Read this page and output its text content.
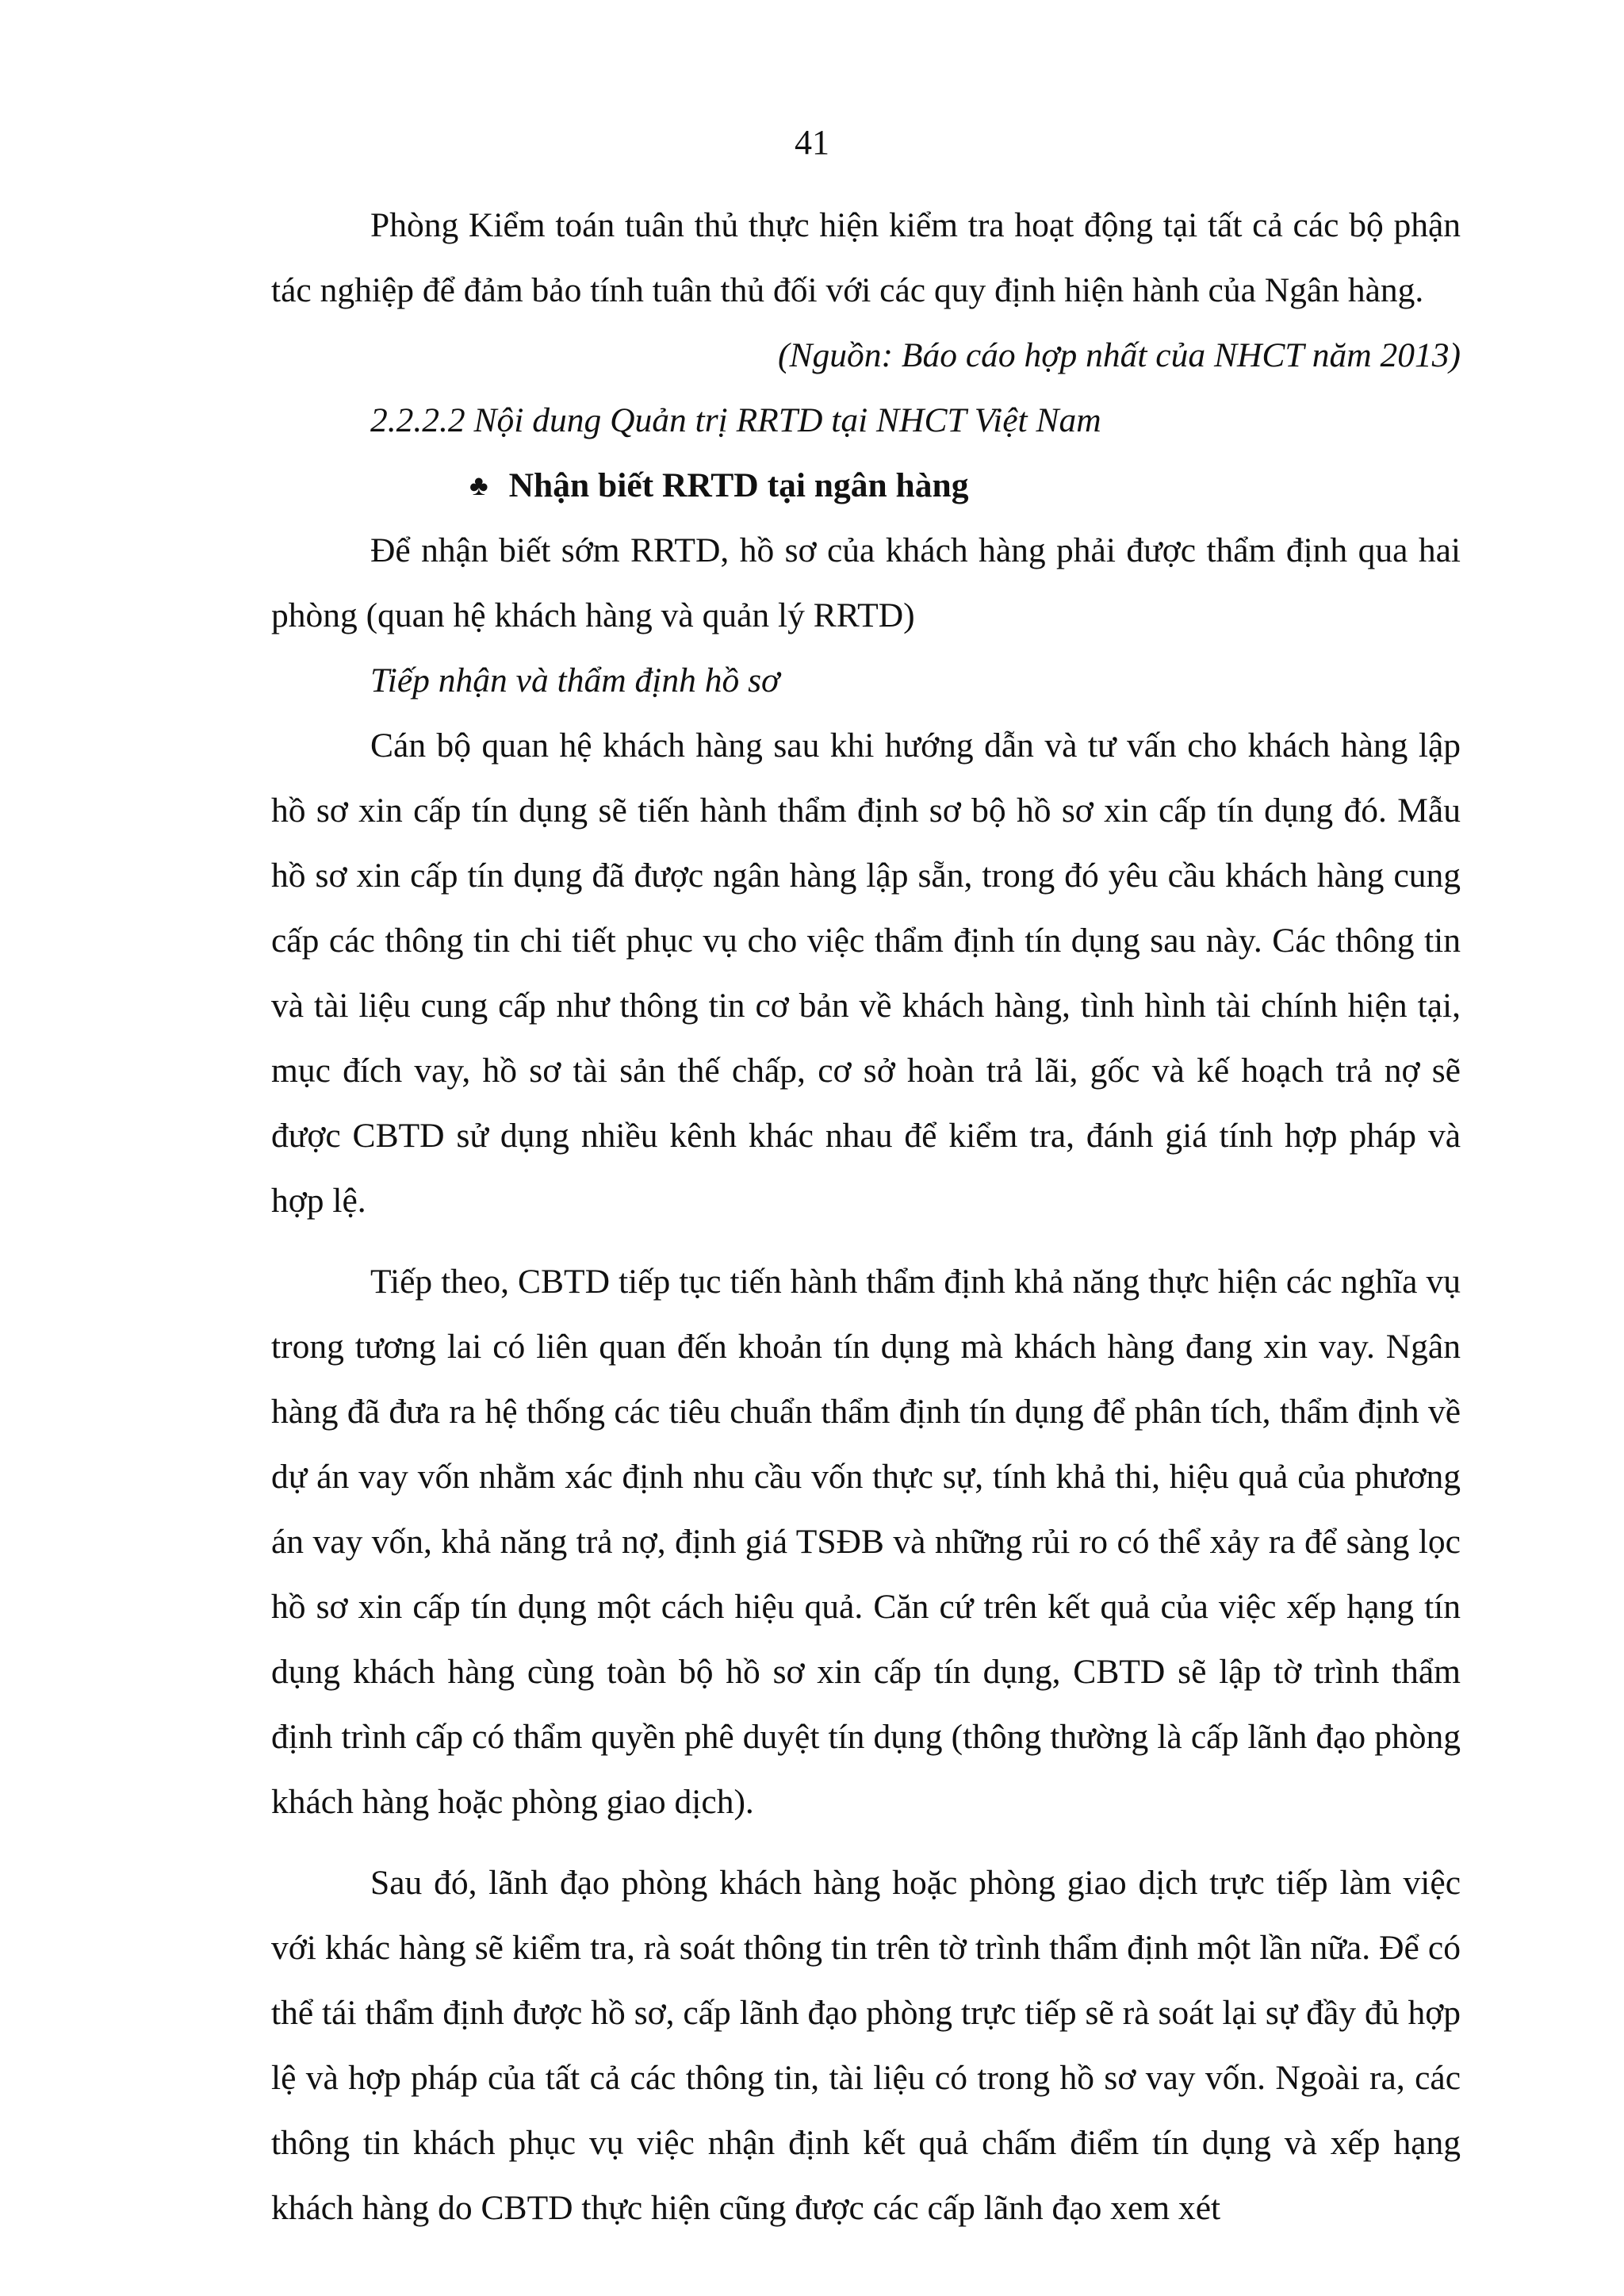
41

Phòng Kiểm toán tuân thủ thực hiện kiểm tra hoạt động tại tất cả các bộ phận tác nghiệp để đảm bảo tính tuân thủ đối với các quy định hiện hành của Ngân hàng.

(Nguồn: Báo cáo hợp nhất của NHCT năm 2013)

2.2.2.2 Nội dung Quản trị RRTD tại NHCT Việt Nam

♣ Nhận biết RRTD tại ngân hàng

Để nhận biết sớm RRTD, hồ sơ của khách hàng phải được thẩm định qua hai phòng (quan hệ khách hàng và quản lý RRTD)

Tiếp nhận và thẩm định hồ sơ

Cán bộ quan hệ khách hàng sau khi hướng dẫn và tư vấn cho khách hàng lập hồ sơ xin cấp tín dụng sẽ tiến hành thẩm định sơ bộ hồ sơ xin cấp tín dụng đó. Mẫu hồ sơ xin cấp tín dụng đã được ngân hàng lập sẵn, trong đó yêu cầu khách hàng cung cấp các thông tin chi tiết phục vụ cho việc thẩm định tín dụng sau này. Các thông tin và tài liệu cung cấp như thông tin cơ bản về khách hàng, tình hình tài chính hiện tại, mục đích vay, hồ sơ tài sản thế chấp, cơ sở hoàn trả lãi, gốc và kế hoạch trả nợ sẽ được CBTD sử dụng nhiều kênh khác nhau để kiểm tra, đánh giá tính hợp pháp và hợp lệ.

Tiếp theo, CBTD tiếp tục tiến hành thẩm định khả năng thực hiện các nghĩa vụ trong tương lai có liên quan đến khoản tín dụng mà khách hàng đang xin vay. Ngân hàng đã đưa ra hệ thống các tiêu chuẩn thẩm định tín dụng để phân tích, thẩm định về dự án vay vốn nhằm xác định nhu cầu vốn thực sự, tính khả thi, hiệu quả của phương án vay vốn, khả năng trả nợ, định giá TSĐB và những rủi ro có thể xảy ra để sàng lọc hồ sơ xin cấp tín dụng một cách hiệu quả. Căn cứ trên kết quả của việc xếp hạng tín dụng khách hàng cùng toàn bộ hồ sơ xin cấp tín dụng, CBTD sẽ lập tờ trình thẩm định trình cấp có thẩm quyền phê duyệt tín dụng (thông thường là cấp lãnh đạo phòng khách hàng hoặc phòng giao dịch).

Sau đó, lãnh đạo phòng khách hàng hoặc phòng giao dịch trực tiếp làm việc với khác hàng sẽ kiểm tra, rà soát thông tin trên tờ trình thẩm định một lần nữa. Để có thể tái thẩm định được hồ sơ, cấp lãnh đạo phòng trực tiếp sẽ rà soát lại sự đầy đủ hợp lệ và hợp pháp của tất cả các thông tin, tài liệu có trong hồ sơ vay vốn. Ngoài ra, các thông tin khách phục vụ việc nhận định kết quả chấm điểm tín dụng và xếp hạng khách hàng do CBTD thực hiện cũng được các cấp lãnh đạo xem xét
